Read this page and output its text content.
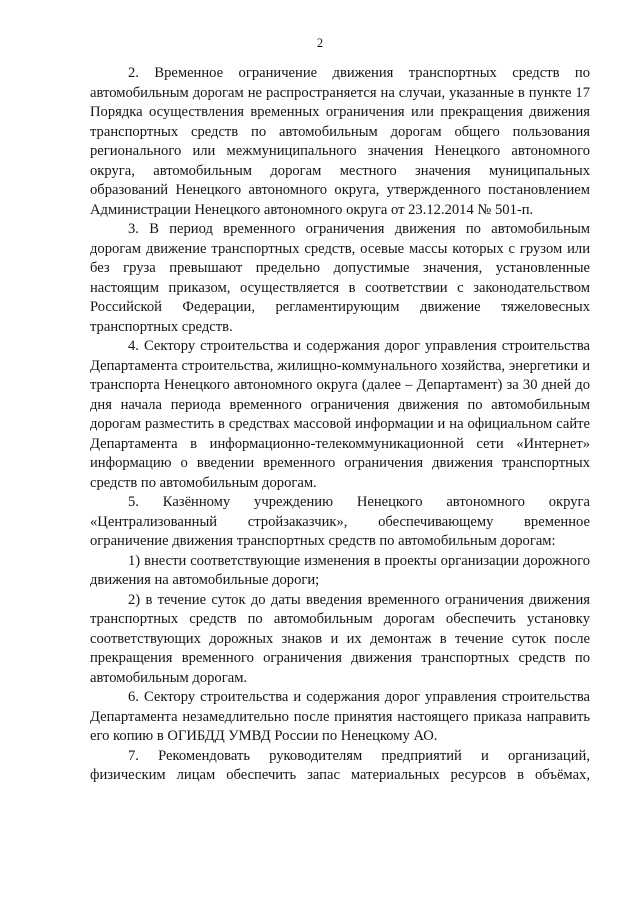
2

2. Временное ограничение движения транспортных средств по автомобильным дорогам не распространяется на случаи, указанные в пункте 17 Порядка осуществления временных ограничения или прекращения движения транспортных средств по автомобильным дорогам общего пользования регионального или межмуниципального значения Ненецкого автономного округа, автомобильным дорогам местного значения муниципальных образований Ненецкого автономного округа, утвержденного постановлением Администрации Ненецкого автономного округа от 23.12.2014 № 501-п.

3. В период временного ограничения движения по автомобильным дорогам движение транспортных средств, осевые массы которых с грузом или без груза превышают предельно допустимые значения, установленные настоящим приказом, осуществляется в соответствии с законодательством Российской Федерации, регламентирующим движение тяжеловесных транспортных средств.

4. Сектору строительства и содержания дорог управления строительства Департамента строительства, жилищно-коммунального хозяйства, энергетики и транспорта Ненецкого автономного округа (далее – Департамент) за 30 дней до дня начала периода временного ограничения движения по автомобильным дорогам разместить в средствах массовой информации и на официальном сайте Департамента в информационно-телекоммуникационной сети «Интернет» информацию о введении временного ограничения движения транспортных средств по автомобильным дорогам.

5. Казённому учреждению Ненецкого автономного округа «Централизованный стройзаказчик», обеспечивающему временное ограничение движения транспортных средств по автомобильным дорогам:

1) внести соответствующие изменения в проекты организации дорожного движения на автомобильные дороги;

2) в течение суток до даты введения временного ограничения движения транспортных средств по автомобильным дорогам обеспечить установку соответствующих дорожных знаков и их демонтаж в течение суток после прекращения временного ограничения движения транспортных средств по автомобильным дорогам.

6. Сектору строительства и содержания дорог управления строительства Департамента незамедлительно после принятия настоящего приказа направить его копию в ОГИБДД УМВД России по Ненецкому АО.

7. Рекомендовать руководителям предприятий и организаций, физическим лицам обеспечить запас материальных ресурсов в объёмах,
